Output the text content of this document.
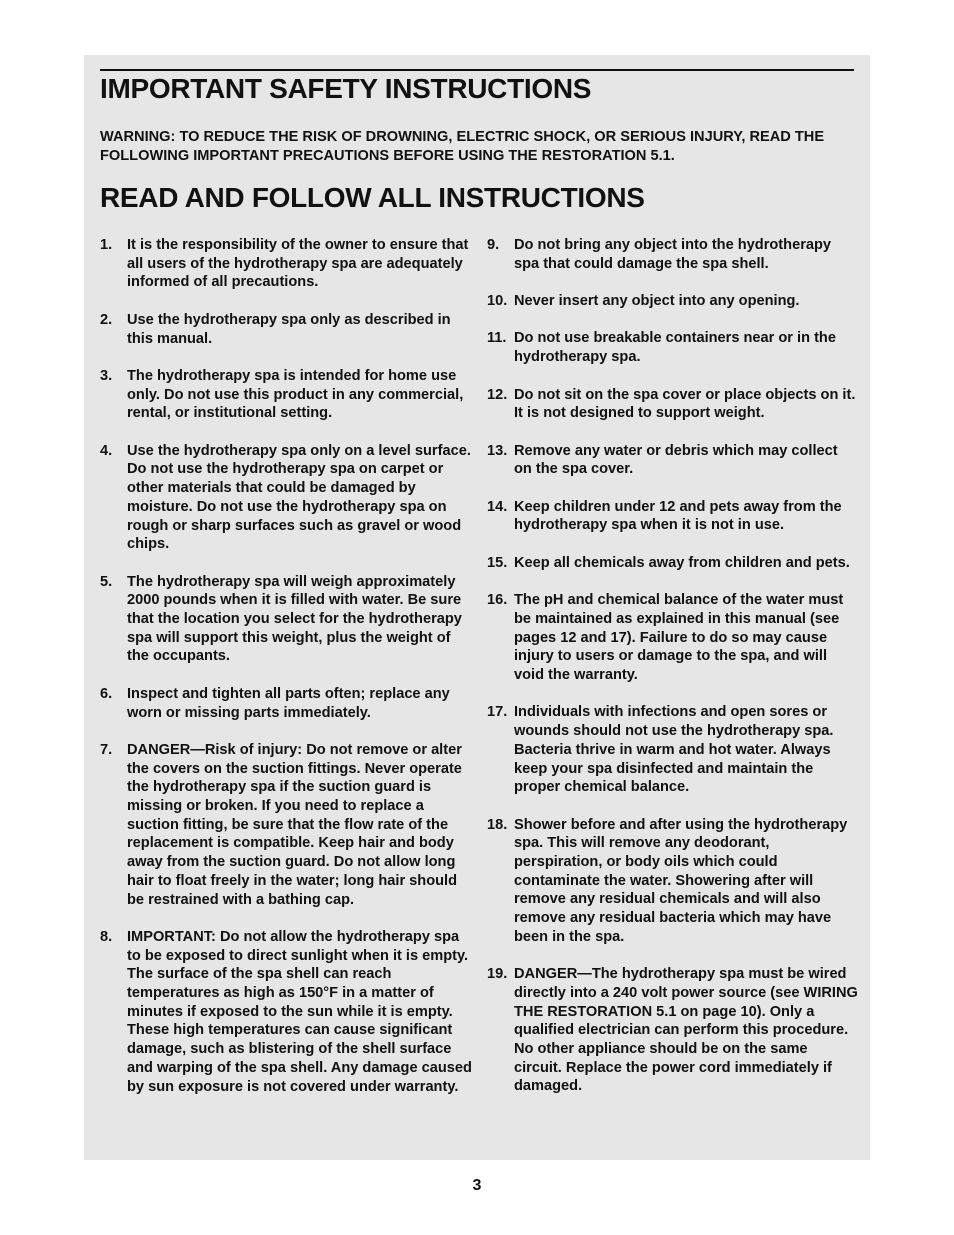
IMPORTANT SAFETY INSTRUCTIONS

WARNING: TO REDUCE THE RISK OF DROWNING, ELECTRIC SHOCK, OR SERIOUS INJURY, READ THE FOLLOWING IMPORTANT PRECAUTIONS BEFORE USING THE RESTORATION 5.1.

READ AND FOLLOW ALL INSTRUCTIONS
1.	It is the responsibility of the owner to ensure that all users of the hydrotherapy spa are adequately informed of all precautions.
2.	Use the hydrotherapy spa only as described in this manual.
3.	The hydrotherapy spa is intended for home use only. Do not use this product in any commercial, rental, or institutional setting.
4.	Use the hydrotherapy spa only on a level surface. Do not use the hydrotherapy spa on carpet or other materials that could be damaged by moisture. Do not use the hydrotherapy spa on rough or sharp surfaces such as gravel or wood chips.
5.	The hydrotherapy spa will weigh approximately 2000 pounds when it is filled with water. Be sure that the location you select for the hydrotherapy spa will support this weight, plus the weight of the occupants.
6.	Inspect and tighten all parts often; replace any worn or missing parts immediately.
7.	DANGER—Risk of injury: Do not remove or alter the covers on the suction fittings. Never operate the hydrotherapy spa if the suction guard is missing or broken. If you need to replace a suction fitting, be sure that the flow rate of the replacement is compatible. Keep hair and body away from the suction guard. Do not allow long hair to float freely in the water; long hair should be restrained with a bathing cap.
8.	IMPORTANT: Do not allow the hydrotherapy spa to be exposed to direct sunlight when it is empty. The surface of the spa shell can reach temperatures as high as 150°F in a matter of minutes if exposed to the sun while it is empty. These high temperatures can cause significant damage, such as blistering of the shell surface and warping of the spa shell. Any damage caused by sun exposure is not covered under warranty.
9.	Do not bring any object into the hydrotherapy spa that could damage the spa shell.
10. Never insert any object into any opening.
11. Do not use breakable containers near or in the hydrotherapy spa.
12. Do not sit on the spa cover or place objects on it. It is not designed to support weight.
13. Remove any water or debris which may collect on the spa cover.
14. Keep children under 12 and pets away from the hydrotherapy spa when it is not in use.
15. Keep all chemicals away from children and pets.
16. The pH and chemical balance of the water must be maintained as explained in this manual (see pages 12 and 17). Failure to do so may cause injury to users or damage to the spa, and will void the warranty.
17. Individuals with infections and open sores or wounds should not use the hydrotherapy spa. Bacteria thrive in warm and hot water. Always keep your spa disinfected and maintain the proper chemical balance.
18. Shower before and after using the hydrotherapy spa. This will remove any deodorant, perspiration, or body oils which could contaminate the water. Showering after will remove any residual chemicals and will also remove any residual bacteria which may have been in the spa.
19. DANGER—The hydrotherapy spa must be wired directly into a 240 volt power source (see WIRING THE RESTORATION 5.1 on page 10). Only a qualified electrician can perform this procedure. No other appliance should be on the same circuit. Replace the power cord immediately if damaged.
3
